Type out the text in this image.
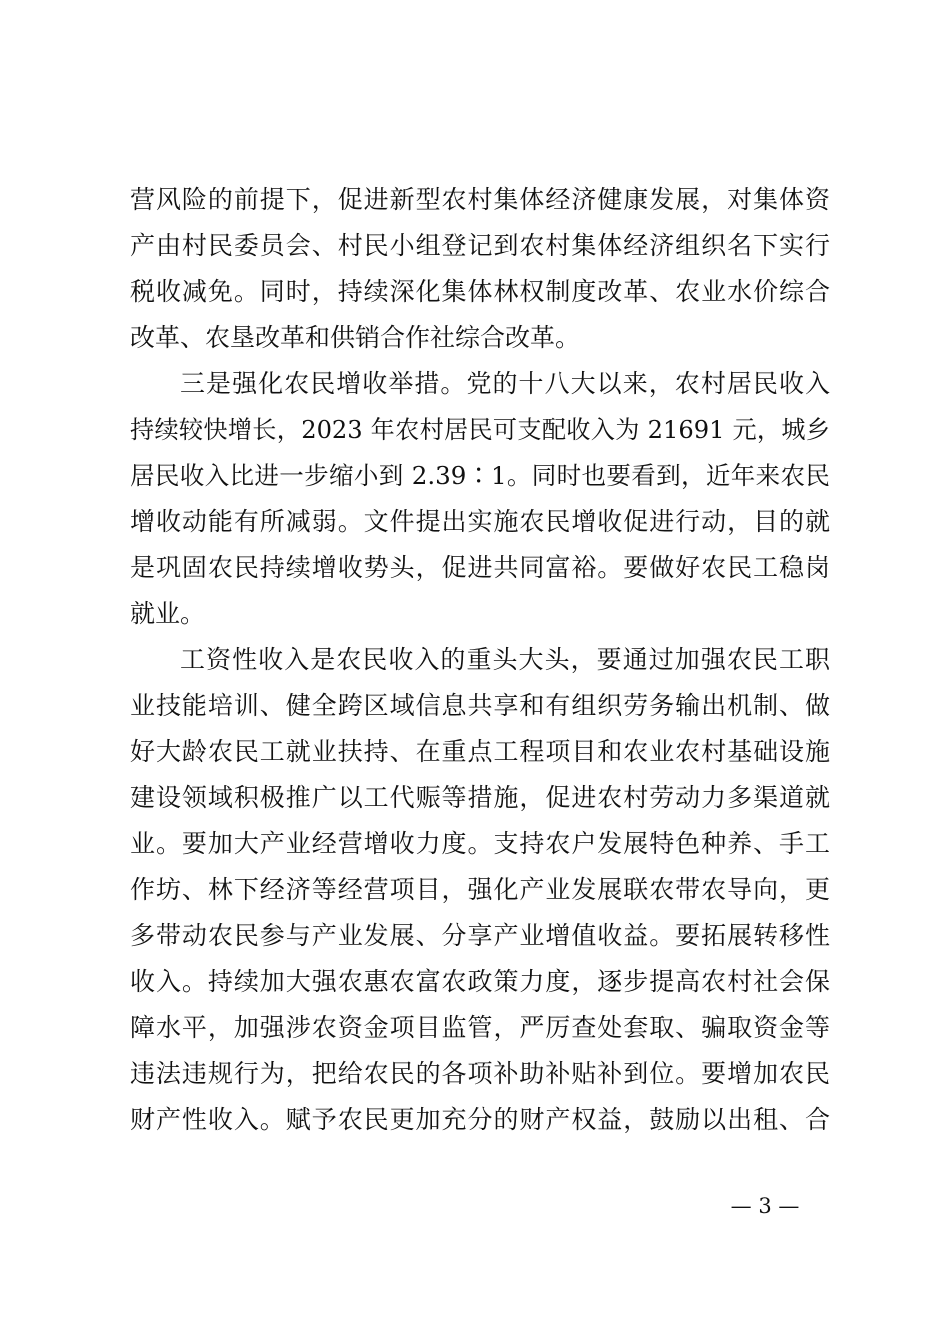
营风险的前提下，促进新型农村集体经济健康发展，对集体资
产由村民委员会、村民小组登记到农村集体经济组织名下实行
税收减免。同时，持续深化集体林权制度改革、农业水价综合
改革、农垦改革和供销合作社综合改革。
三是强化农民增收举措。党的十八大以来，农村居民收入
持续较快增长，2023 年农村居民可支配收入为 21691 元，城乡
居民收入比进一步缩小到 2.39∶1。同时也要看到，近年来农民
增收动能有所减弱。文件提出实施农民增收促进行动，目的就
是巩固农民持续增收势头，促进共同富裕。要做好农民工稳岗
就业。
工资性收入是农民收入的重头大头，要通过加强农民工职
业技能培训、健全跨区域信息共享和有组织劳务输出机制、做
好大龄农民工就业扶持、在重点工程项目和农业农村基础设施
建设领域积极推广以工代赈等措施，促进农村劳动力多渠道就
业。要加大产业经营增收力度。支持农户发展特色种养、手工
作坊、林下经济等经营项目，强化产业发展联农带农导向，更
多带动农民参与产业发展、分享产业增值收益。要拓展转移性
收入。持续加大强农惠农富农政策力度，逐步提高农村社会保
障水平，加强涉农资金项目监管，严厉查处套取、骗取资金等
违法违规行为，把给农民的各项补助补贴补到位。要增加农民
财产性收入。赋予农民更加充分的财产权益，鼓励以出租、合
— 3 —
